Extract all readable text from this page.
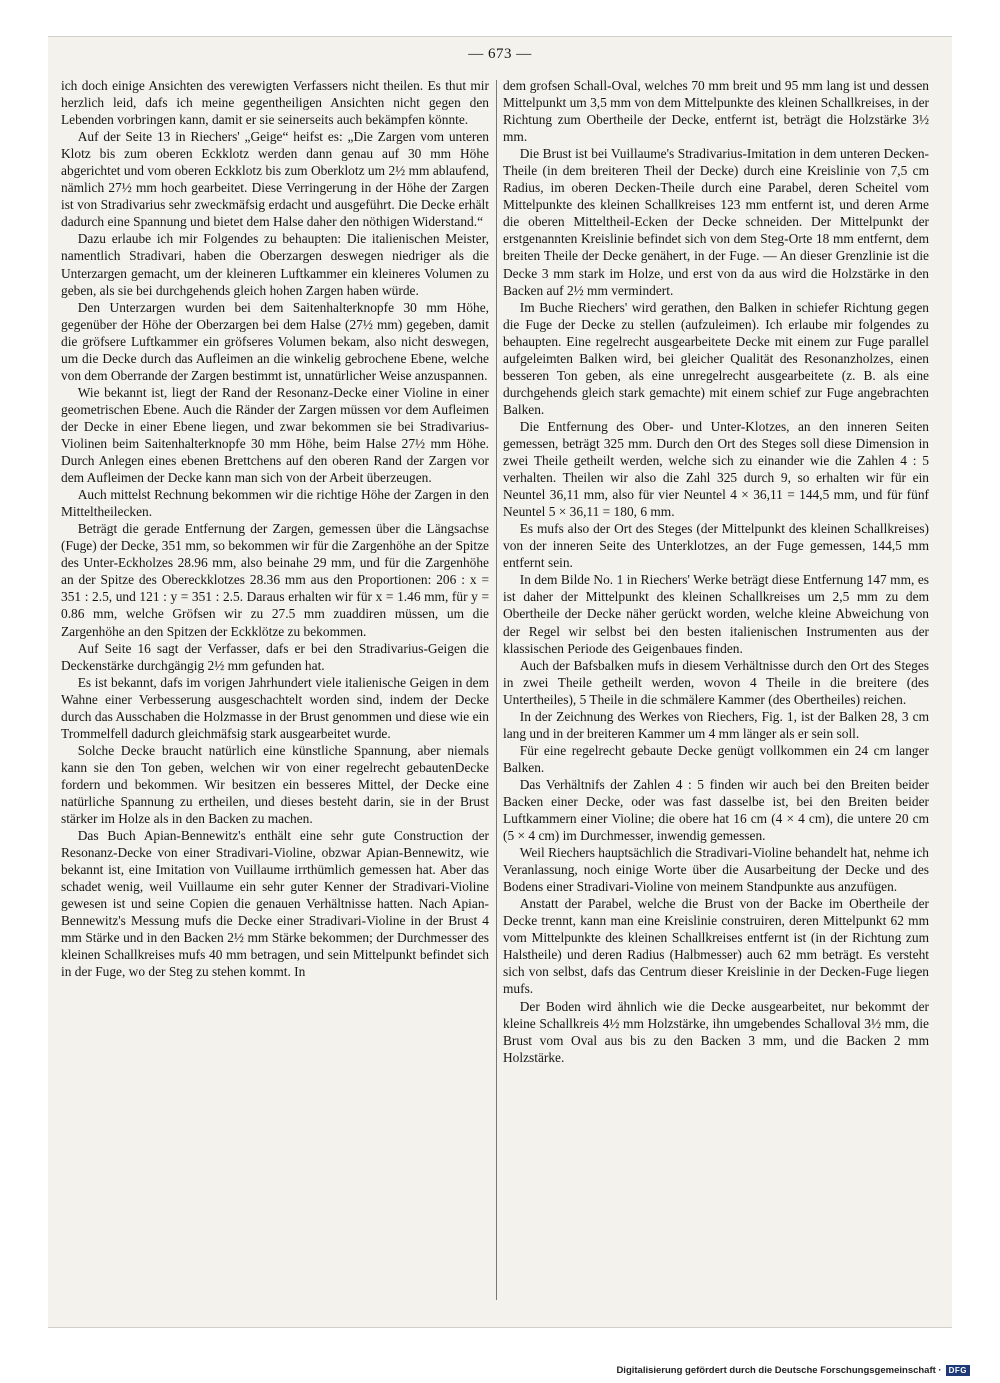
— 673 —

ich doch einige Ansichten des verewigten Verfassers nicht theilen. Es thut mir herzlich leid, dafs ich meine gegentheiligen Ansichten nicht gegen den Lebenden vorbringen kann, damit er sie seinerseits auch bekämpfen könnte.

Auf der Seite 13 in Riechers' „Geige“ heifst es: „Die Zargen vom unteren Klotz bis zum oberen Eckklotz werden dann genau auf 30 mm Höhe abgerichtet und vom oberen Eckklotz bis zum Oberklotz um 2½ mm ablaufend, nämlich 27½ mm hoch gearbeitet. Diese Verringerung in der Höhe der Zargen ist von Stradivarius sehr zweckmäfsig erdacht und ausgeführt. Die Decke erhält dadurch eine Spannung und bietet dem Halse daher den nöthigen Widerstand.“

Dazu erlaube ich mir Folgendes zu behaupten: Die italienischen Meister, namentlich Stradivari, haben die Oberzargen deswegen niedriger als die Unterzargen gemacht, um der kleineren Luftkammer ein kleineres Volumen zu geben, als sie bei durchgehends gleich hohen Zargen haben würde.

Den Unterzargen wurden bei dem Saitenhalterknopfe 30 mm Höhe, gegenüber der Höhe der Oberzargen bei dem Halse (27½ mm) gegeben, damit die gröfsere Luftkammer ein gröfseres Volumen bekam, also nicht deswegen, um die Decke durch das Aufleimen an die winkelig gebrochene Ebene, welche von dem Oberrande der Zargen bestimmt ist, unnatürlicher Weise anzuspannen.

Wie bekannt ist, liegt der Rand der Resonanz-Decke einer Violine in einer geometrischen Ebene. Auch die Ränder der Zargen müssen vor dem Aufleimen der Decke in einer Ebene liegen, und zwar bekommen sie bei Stradivarius-Violinen beim Saitenhalterknopfe 30 mm Höhe, beim Halse 27½ mm Höhe. Durch Anlegen eines ebenen Brettchens auf den oberen Rand der Zargen vor dem Aufleimen der Decke kann man sich von der Arbeit überzeugen.

Auch mittelst Rechnung bekommen wir die richtige Höhe der Zargen in den Mitteltheilecken.

Beträgt die gerade Entfernung der Zargen, gemessen über die Längsachse (Fuge) der Decke, 351 mm, so bekommen wir für die Zargenhöhe an der Spitze des Unter-Eckholzes 28.96 mm, also beinahe 29 mm, und für die Zargenhöhe an der Spitze des Obereckklotzes 28.36 mm aus den Proportionen: 206 : x = 351 : 2.5, und 121 : y = 351 : 2.5. Daraus erhalten wir für x = 1.46 mm, für y = 0.86 mm, welche Gröfsen wir zu 27.5 mm zuaddiren müssen, um die Zargenhöhe an den Spitzen der Eckklötze zu bekommen.

Auf Seite 16 sagt der Verfasser, dafs er bei den Stradivarius-Geigen die Deckenstärke durchgängig 2½ mm gefunden hat.

Es ist bekannt, dafs im vorigen Jahrhundert viele italienische Geigen in dem Wahne einer Verbesserung ausgeschachtelt worden sind, indem der Decke durch das Ausschaben die Holzmasse in der Brust genommen und diese wie ein Trommelfell dadurch gleichmäfsig stark ausgearbeitet wurde.

Solche Decke braucht natürlich eine künstliche Spannung, aber niemals kann sie den Ton geben, welchen wir von einer regelrecht gebautenDecke fordern und bekommen. Wir besitzen ein besseres Mittel, der Decke eine natürliche Spannung zu ertheilen, und dieses besteht darin, sie in der Brust stärker im Holze als in den Backen zu machen.

Das Buch Apian-Bennewitz's enthält eine sehr gute Construction der Resonanz-Decke von einer Stradivari-Violine, obzwar Apian-Bennewitz, wie bekannt ist, eine Imitation von Vuillaume irrthümlich gemessen hat. Aber das schadet wenig, weil Vuillaume ein sehr guter Kenner der Stradivari-Violine gewesen ist und seine Copien die genauen Verhältnisse hatten. Nach Apian-Bennewitz's Messung mufs die Decke einer Stradivari-Violine in der Brust 4 mm Stärke und in den Backen 2½ mm Stärke bekommen; der Durchmesser des kleinen Schallkreises mufs 40 mm betragen, und sein Mittelpunkt befindet sich in der Fuge, wo der Steg zu stehen kommt. In

dem grofsen Schall-Oval, welches 70 mm breit und 95 mm lang ist und dessen Mittelpunkt um 3,5 mm von dem Mittelpunkte des kleinen Schallkreises, in der Richtung zum Obertheile der Decke, entfernt ist, beträgt die Holzstärke 3½ mm.

Die Brust ist bei Vuillaume's Stradivarius-Imitation in dem unteren Decken-Theile (in dem breiteren Theil der Decke) durch eine Kreislinie von 7,5 cm Radius, im oberen Decken-Theile durch eine Parabel, deren Scheitel vom Mittelpunkte des kleinen Schallkreises 123 mm entfernt ist, und deren Arme die oberen Mitteltheil-Ecken der Decke schneiden. Der Mittelpunkt der erstgenannten Kreislinie befindet sich von dem Steg-Orte 18 mm entfernt, dem breiten Theile der Decke genähert, in der Fuge. — An dieser Grenzlinie ist die Decke 3 mm stark im Holze, und erst von da aus wird die Holzstärke in den Backen auf 2½ mm vermindert.

Im Buche Riechers' wird gerathen, den Balken in schiefer Richtung gegen die Fuge der Decke zu stellen (aufzuleimen). Ich erlaube mir folgendes zu behaupten. Eine regelrecht ausgearbeitete Decke mit einem zur Fuge parallel aufgeleimten Balken wird, bei gleicher Qualität des Resonanzholzes, einen besseren Ton geben, als eine unregelrecht ausgearbeitete (z. B. als eine durchgehends gleich stark gemachte) mit einem schief zur Fuge angebrachten Balken.

Die Entfernung des Ober- und Unter-Klotzes, an den inneren Seiten gemessen, beträgt 325 mm. Durch den Ort des Steges soll diese Dimension in zwei Theile getheilt werden, welche sich zu einander wie die Zahlen 4 : 5 verhalten. Theilen wir also die Zahl 325 durch 9, so erhalten wir für ein Neuntel 36,11 mm, also für vier Neuntel 4 × 36,11 = 144,5 mm, und für fünf Neuntel 5 × 36,11 = 180, 6 mm.

Es mufs also der Ort des Steges (der Mittelpunkt des kleinen Schallkreises) von der inneren Seite des Unterklotzes, an der Fuge gemessen, 144,5 mm entfernt sein.

In dem Bilde No. 1 in Riechers' Werke beträgt diese Entfernung 147 mm, es ist daher der Mittelpunkt des kleinen Schallkreises um 2,5 mm zu dem Obertheile der Decke näher gerückt worden, welche kleine Abweichung von der Regel wir selbst bei den besten italienischen Instrumenten aus der klassischen Periode des Geigenbaues finden.

Auch der Bafsbalken mufs in diesem Verhältnisse durch den Ort des Steges in zwei Theile getheilt werden, wovon 4 Theile in die breitere (des Untertheiles), 5 Theile in die schmälere Kammer (des Obertheiles) reichen.

In der Zeichnung des Werkes von Riechers, Fig. 1, ist der Balken 28, 3 cm lang und in der breiteren Kammer um 4 mm länger als er sein soll.

Für eine regelrecht gebaute Decke genügt vollkommen ein 24 cm langer Balken.

Das Verhältnifs der Zahlen 4 : 5 finden wir auch bei den Breiten beider Backen einer Decke, oder was fast dasselbe ist, bei den Breiten beider Luftkammern einer Violine; die obere hat 16 cm (4 × 4 cm), die untere 20 cm (5 × 4 cm) im Durchmesser, inwendig gemessen.

Weil Riechers hauptsächlich die Stradivari-Violine behandelt hat, nehme ich Veranlassung, noch einige Worte über die Ausarbeitung der Decke und des Bodens einer Stradivari-Violine von meinem Standpunkte aus anzufügen.

Anstatt der Parabel, welche die Brust von der Backe im Obertheile der Decke trennt, kann man eine Kreislinie construiren, deren Mittelpunkt 62 mm vom Mittelpunkte des kleinen Schallkreises entfernt ist (in der Richtung zum Halstheile) und deren Radius (Halbmesser) auch 62 mm beträgt. Es versteht sich von selbst, dafs das Centrum dieser Kreislinie in der Decken-Fuge liegen mufs.

Der Boden wird ähnlich wie die Decke ausgearbeitet, nur bekommt der kleine Schallkreis 4½ mm Holzstärke, ihn umgebendes Schalloval 3½ mm, die Brust vom Oval aus bis zu den Backen 3 mm, und die Backen 2 mm Holzstärke.

Digitalisierung gefördert durch die Deutsche Forschungsgemeinschaft · DFG
